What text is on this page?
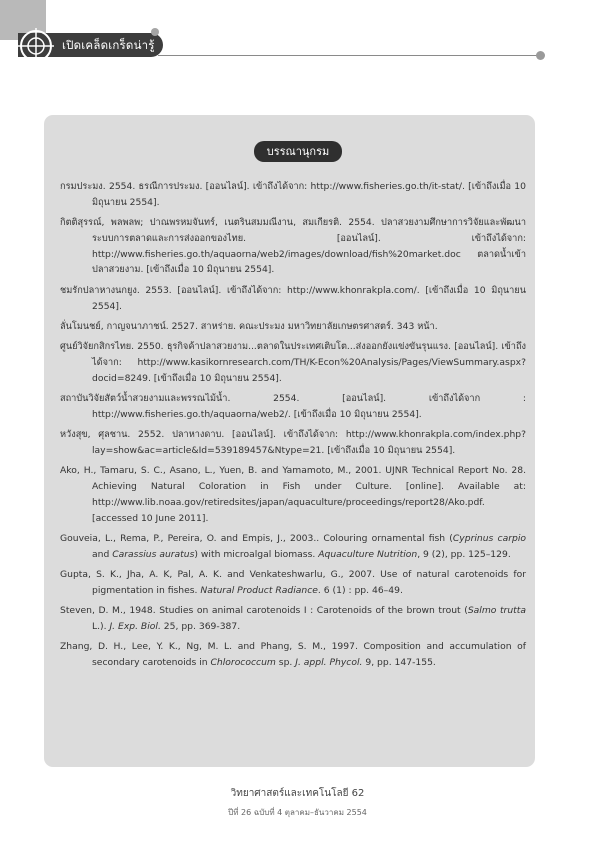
เปิดเคล็ดเกร็ดน่ารู้
บรรณานุกรม

กรมประมง. 2554. ธรณีการประมง. [ออนไลน์]. เข้าถึงได้จาก: http://www.fisheries.go.th/it-stat/. [เข้าถึงเมื่อ 10 มิถุนายน 2554].

กิตติสุรรณ์, พลพลพ; ปาณพรหมจันทร์, เนตรินสมมณีงาน, สมเกียรติ. 2554. ปลาสวยงามศึกษาการวิจัยและพัฒนาระบบการตลาดและการส่งออกของไทย. [ออนไลน์]. เข้าถึงได้จาก: http://www.fisheries.go.th/aquaorna/web2/images/download/fish%20market.doc ตลาดน้ำเข้าปลาสวยงาม. [เข้าถึงเมื่อ 10 มิถุนายน 2554].

ชมรักปลาหางนกยูง. 2553. [ออนไลน์]. เข้าถึงได้จาก: http://www.khonrakpla.com/. [เข้าถึงเมื่อ 10 มิถุนายน 2554].

ลั่นโมนชย์, กาญจนาภาชน์. 2527. สาหร่าย. คณะประมง มหาวิทยาลัยเกษตรศาสตร์. 343 หน้า.

ศูนย์วิจัยกสิกรไทย. 2550. ธุรกิจค้าปลาสวยงาม...ตลาดในประเทศเติบโต...ส่งออกยังแข่งขันรุนแรง. [ออนไลน์]. เข้าถึงได้จาก: http://www.kasikornresearch.com/TH/K-Econ%20Analysis/Pages/ViewSummary.aspx?docid=8249. [เข้าถึงเมื่อ 10 มิถุนายน 2554].

สถาบันวิจัยสัตว์น้ำสวยงามและพรรณไม้น้ำ. 2554. [ออนไลน์]. เข้าถึงได้จาก : http://www.fisheries.go.th/aquaorna/web2/. [เข้าถึงเมื่อ 10 มิถุนายน 2554].

หวังสุข, ศุลชาน. 2552. ปลาหางดาบ. [ออนไลน์]. เข้าถึงได้จาก: http://www.khonrakpla.com/index.php?lay=show&ac=article&Id=539189457&Ntype=21. [เข้าถึงเมื่อ 10 มิถุนายน 2554].

Ako, H., Tamaru, S. C., Asano, L., Yuen, B. and Yamamoto, M., 2001. UJNR Technical Report No. 28. Achieving Natural Coloration in Fish under Culture. [online]. Available at: http://www.lib.noaa.gov/retiredsites/japan/aquaculture/proceedings/report28/Ako.pdf. [accessed 10 June 2011].

Gouveia, L., Rema, P., Pereira, O. and Empis, J., 2003.. Colouring ornamental fish (Cyprinus carpio and Carassius auratus) with microalgal biomass. Aquaculture Nutrition, 9 (2), pp. 125–129.

Gupta, S. K., Jha, A. K, Pal, A. K. and Venkateshwarlu, G., 2007. Use of natural carotenoids for pigmentation in fishes. Natural Product Radiance. 6 (1) : pp. 46–49.

Steven, D. M., 1948. Studies on animal carotenoids I : Carotenoids of the brown trout (Salmo trutta L.). J. Exp. Biol. 25, pp. 369-387.

Zhang, D. H., Lee, Y. K., Ng, M. L. and Phang, S. M., 1997. Composition and accumulation of secondary carotenoids in Chlorococcum sp. J. appl. Phycol. 9, pp. 147-155.

วิทยาศาสตร์และเทคโนโลยี 62
ปีที่ 26 ฉบับที่ 4 ตุลาคม–ธันวาคม 2554
